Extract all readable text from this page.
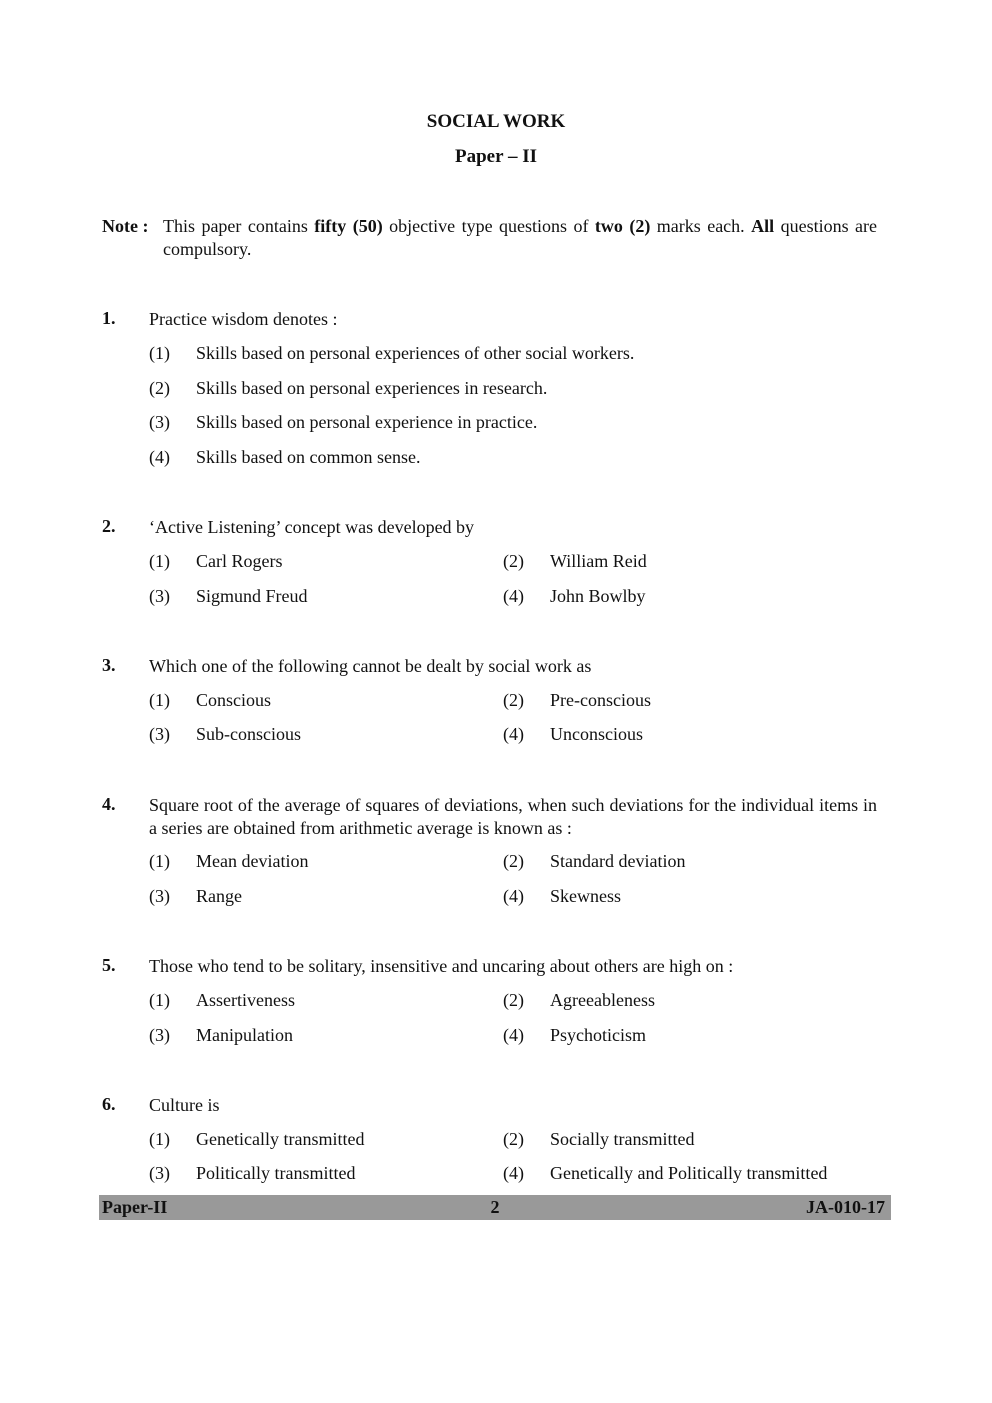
SOCIAL WORK
Paper – II
Note : This paper contains fifty (50) objective type questions of two (2) marks each. All questions are compulsory.
1. Practice wisdom denotes :
(1) Skills based on personal experiences of other social workers.
(2) Skills based on personal experiences in research.
(3) Skills based on personal experience in practice.
(4) Skills based on common sense.
2. ‘Active Listening’ concept was developed by
(1) Carl Rogers	(2) William Reid
(3) Sigmund Freud	(4) John Bowlby
3. Which one of the following cannot be dealt by social work as
(1) Conscious	(2) Pre-conscious
(3) Sub-conscious	(4) Unconscious
4. Square root of the average of squares of deviations, when such deviations for the individual items in a series are obtained from arithmetic average is known as :
(1) Mean deviation	(2) Standard deviation
(3) Range	(4) Skewness
5. Those who tend to be solitary, insensitive and uncaring about others are high on :
(1) Assertiveness	(2) Agreeableness
(3) Manipulation	(4) Psychoticism
6. Culture is
(1) Genetically transmitted	(2) Socially transmitted
(3) Politically transmitted	(4) Genetically and Politically transmitted
Paper-II	2	JA-010-17
